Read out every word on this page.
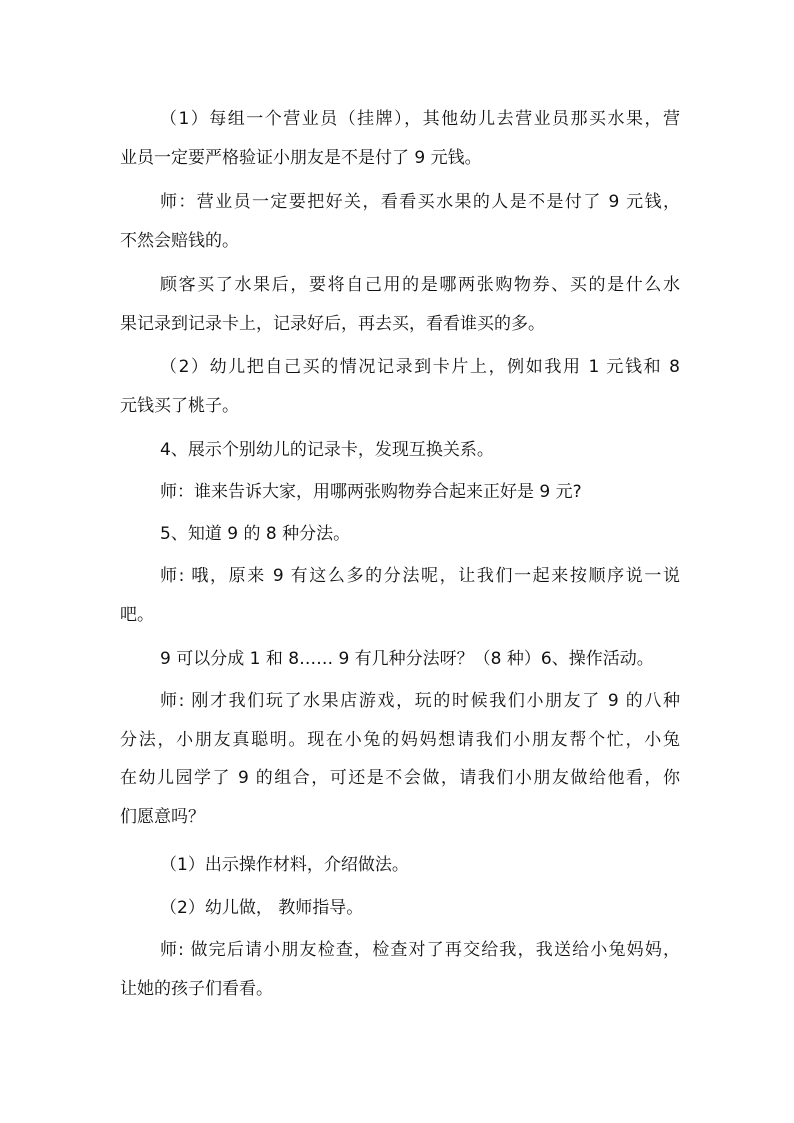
（1）每组一个营业员（挂牌），其他幼儿去营业员那买水果，营
业员一定要严格验证小朋友是不是付了 9 元钱。
师：营业员一定要把好关，看看买水果的人是不是付了 9 元钱，
不然会赔钱的。
顾客买了水果后，要将自己用的是哪两张购物券、买的是什么水
果记录到记录卡上，记录好后，再去买，看看谁买的多。
（2）幼儿把自己买的情况记录到卡片上，例如我用 1 元钱和 8
元钱买了桃子。
4、展示个别幼儿的记录卡，发现互换关系。
师：谁来告诉大家，用哪两张购物券合起来正好是 9 元?
5、知道 9 的 8 种分法。
师: 哦，原来 9 有这么多的分法呢，让我们一起来按顺序说一说
吧。
9 可以分成 1 和 8…… 9 有几种分法呀？（8 种）6、操作活动。
师: 刚才我们玩了水果店游戏，玩的时候我们小朋友了 9 的八种
分法，小朋友真聪明。现在小兔的妈妈想请我们小朋友帮个忙，小兔
在幼儿园学了 9 的组合，可还是不会做，请我们小朋友做给他看，你
们愿意吗？
（1）出示操作材料，介绍做法。
（2）幼儿做， 教师指导。
师: 做完后请小朋友检查，检查对了再交给我，我送给小兔妈妈，
让她的孩子们看看。
